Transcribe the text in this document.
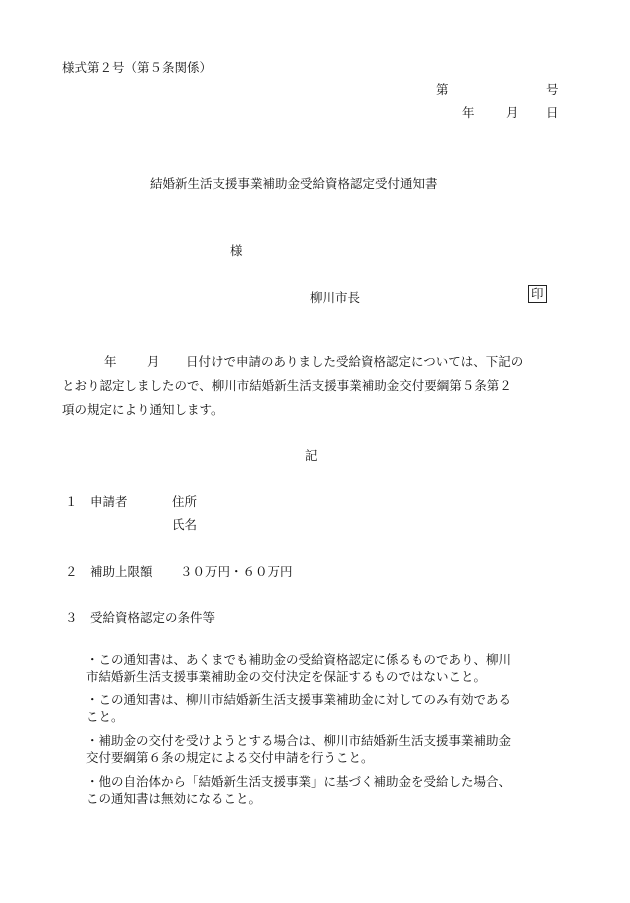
様式第２号（第５条関係）
第	号
年	月 日
結婚新生活支援事業補助金受給資格認定受付通知書
様
柳川市長	印
年 月 日付けで申請のありました受給資格認定については、下記の
とおり認定しましたので、柳川市結婚新生活支援事業補助金交付要綱第５条第２
項の規定により通知します。
記
１ 申請者	住所
氏名
２ 補助上限額 ３０万円・６０万円
３ 受給資格認定の条件等
・この通知書は、あくまでも補助金の受給資格認定に係るものであり、柳川
市結婚新生活支援事業補助金の交付決定を保証するものではないこと。
・この通知書は、柳川市結婚新生活支援事業補助金に対してのみ有効である
こと。
・補助金の交付を受けようとする場合は、柳川市結婚新生活支援事業補助金
交付要綱第６条の規定による交付申請を行うこと。
・他の自治体から「結婚新生活支援事業」に基づく補助金を受給した場合、
この通知書は無効になること。
